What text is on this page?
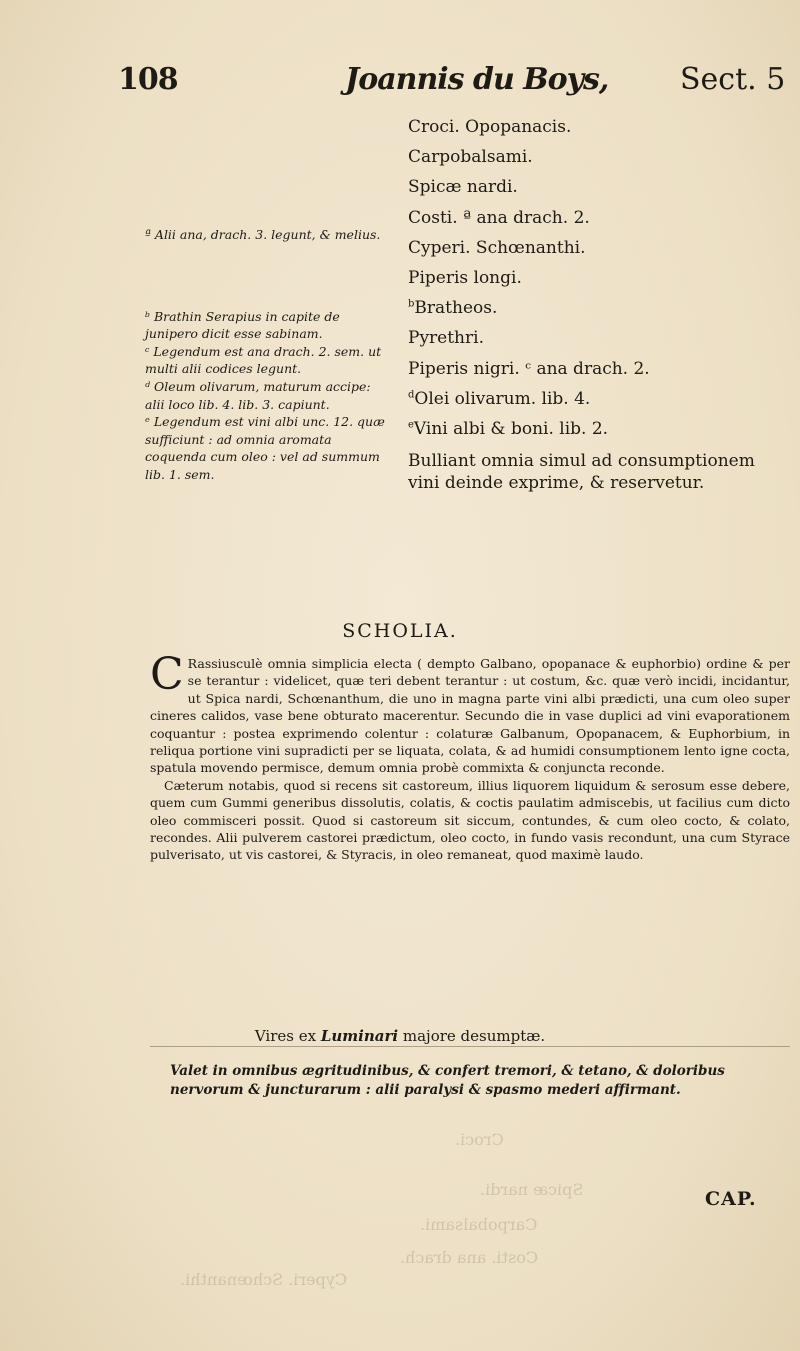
108	Joannis du Boys, Sect. 5
Croci. Opopanacis.
Carpobalsami.
Spicæ nardi.
Costi. ª ana drach. 2.
Cyperi. Schœnanthi.
Piperis longi.
$^b$Bratheos.
Pyrethri.
Piperis nigri. ᶜ ana drach. 2.
$^d$Olei olivarum. lib. 4.
$^e$Vini albi & boni. lib. 2.
Bulliant omnia simul ad consumptionem
vini deinde exprime, & reservetur.
ª Alii ana, drach. 3. legunt, & melius.
ᵇ Brathin Serapius in capite de junipero dicit esse sabinam.
ᶜ Legendum est ana drach. 2. sem. ut multi alii codices legunt.
ᵈ Oleum olivarum, maturum accipe: alii loco lib. 4. lib. 3. capiunt.
ᵉ Legendum est vini albi unc. 12. quæ sufficiunt : ad omnia aromata coquenda cum oleo : vel ad summum lib. 1. sem.
SCHOLIA.

C Rassiusculè omnia simplicia electa ( dempto Galbano, opopanace & euphorbio) ordine & per se terantur : videlicet, quæ teri debent terantur : ut costum, &c. quæ verò incidi, incidantur, ut Spica nardi, Schœnanthum, die uno in magna parte vini albi prædicti, una cum oleo super cineres calidos, vase bene obturato macerentur. Secundo die in vase duplici ad vini evaporationem coquantur : postea exprimendo colentur : colaturæ Galbanum, Opopanacem, & Euphorbium, in reliqua portione vini supradicti per se liquata, colata, & ad humidi consumptionem lento igne cocta, spatula movendo permisce, demum omnia probè commixta & conjuncta reconde.

Cæterum notabis, quod si recens sit castoreum, illius liquorem liquidum & serosum esse debere, quem cum Gummi generibus dissolutis, colatis, & coctis paulatim admiscebis, ut facilius cum dicto oleo commisceri possit. Quod si castoreum sit siccum, contundes, & cum oleo cocto, & colato, recondes. Alii pulverem castorei prædictum, oleo cocto, in fundo vasis recondunt, una cum Styrace pulverisato, ut vis castorei, & Styracis, in oleo remaneat, quod maximè laudo.

Vires ex Luminari majore desumptæ.
Valet in omnibus ægritudinibus, & confert tremori, & tetano, & doloribus nervorum & juncturarum : alii paralysi & spasmo mederi affirmant.
CAP.
Croci.
Spicæ nardi.
Carpobalsami.
Costi. ana drach.
Cyperi. Schœnanthi.
